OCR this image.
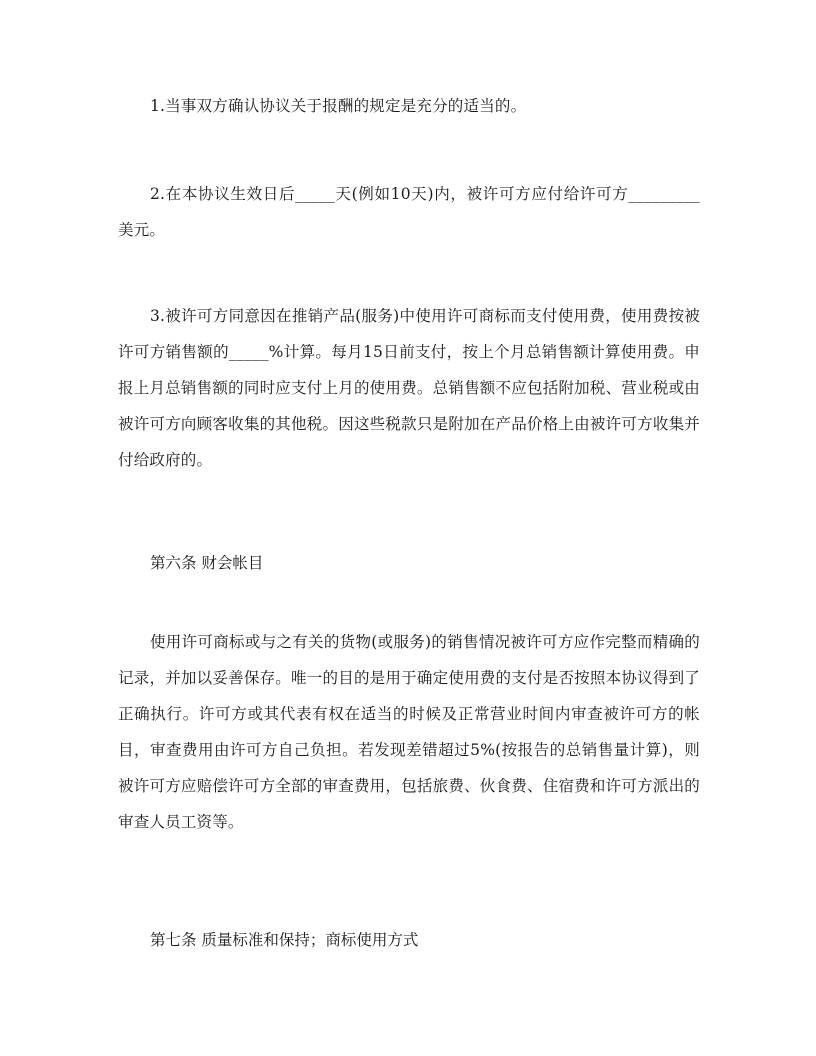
1.当事双方确认协议关于报酬的规定是充分的适当的。

2.在本协议生效日后_____天(例如10天)内，被许可方应付给许可方_________美元。

3.被许可方同意因在推销产品(服务)中使用许可商标而支付使用费，使用费按被许可方销售额的_____%计算。每月15日前支付，按上个月总销售额计算使用费。申报上月总销售额的同时应支付上月的使用费。总销售额不应包括附加税、营业税或由被许可方向顾客收集的其他税。因这些税款只是附加在产品价格上由被许可方收集并付给政府的。

第六条 财会帐目

使用许可商标或与之有关的货物(或服务)的销售情况被许可方应作完整而精确的记录，并加以妥善保存。唯一的目的是用于确定使用费的支付是否按照本协议得到了正确执行。许可方或其代表有权在适当的时候及正常营业时间内审查被许可方的帐目，审查费用由许可方自己负担。若发现差错超过5%(按报告的总销售量计算)，则被许可方应赔偿许可方全部的审查费用，包括旅费、伙食费、住宿费和许可方派出的审查人员工资等。

第七条 质量标准和保持；商标使用方式
